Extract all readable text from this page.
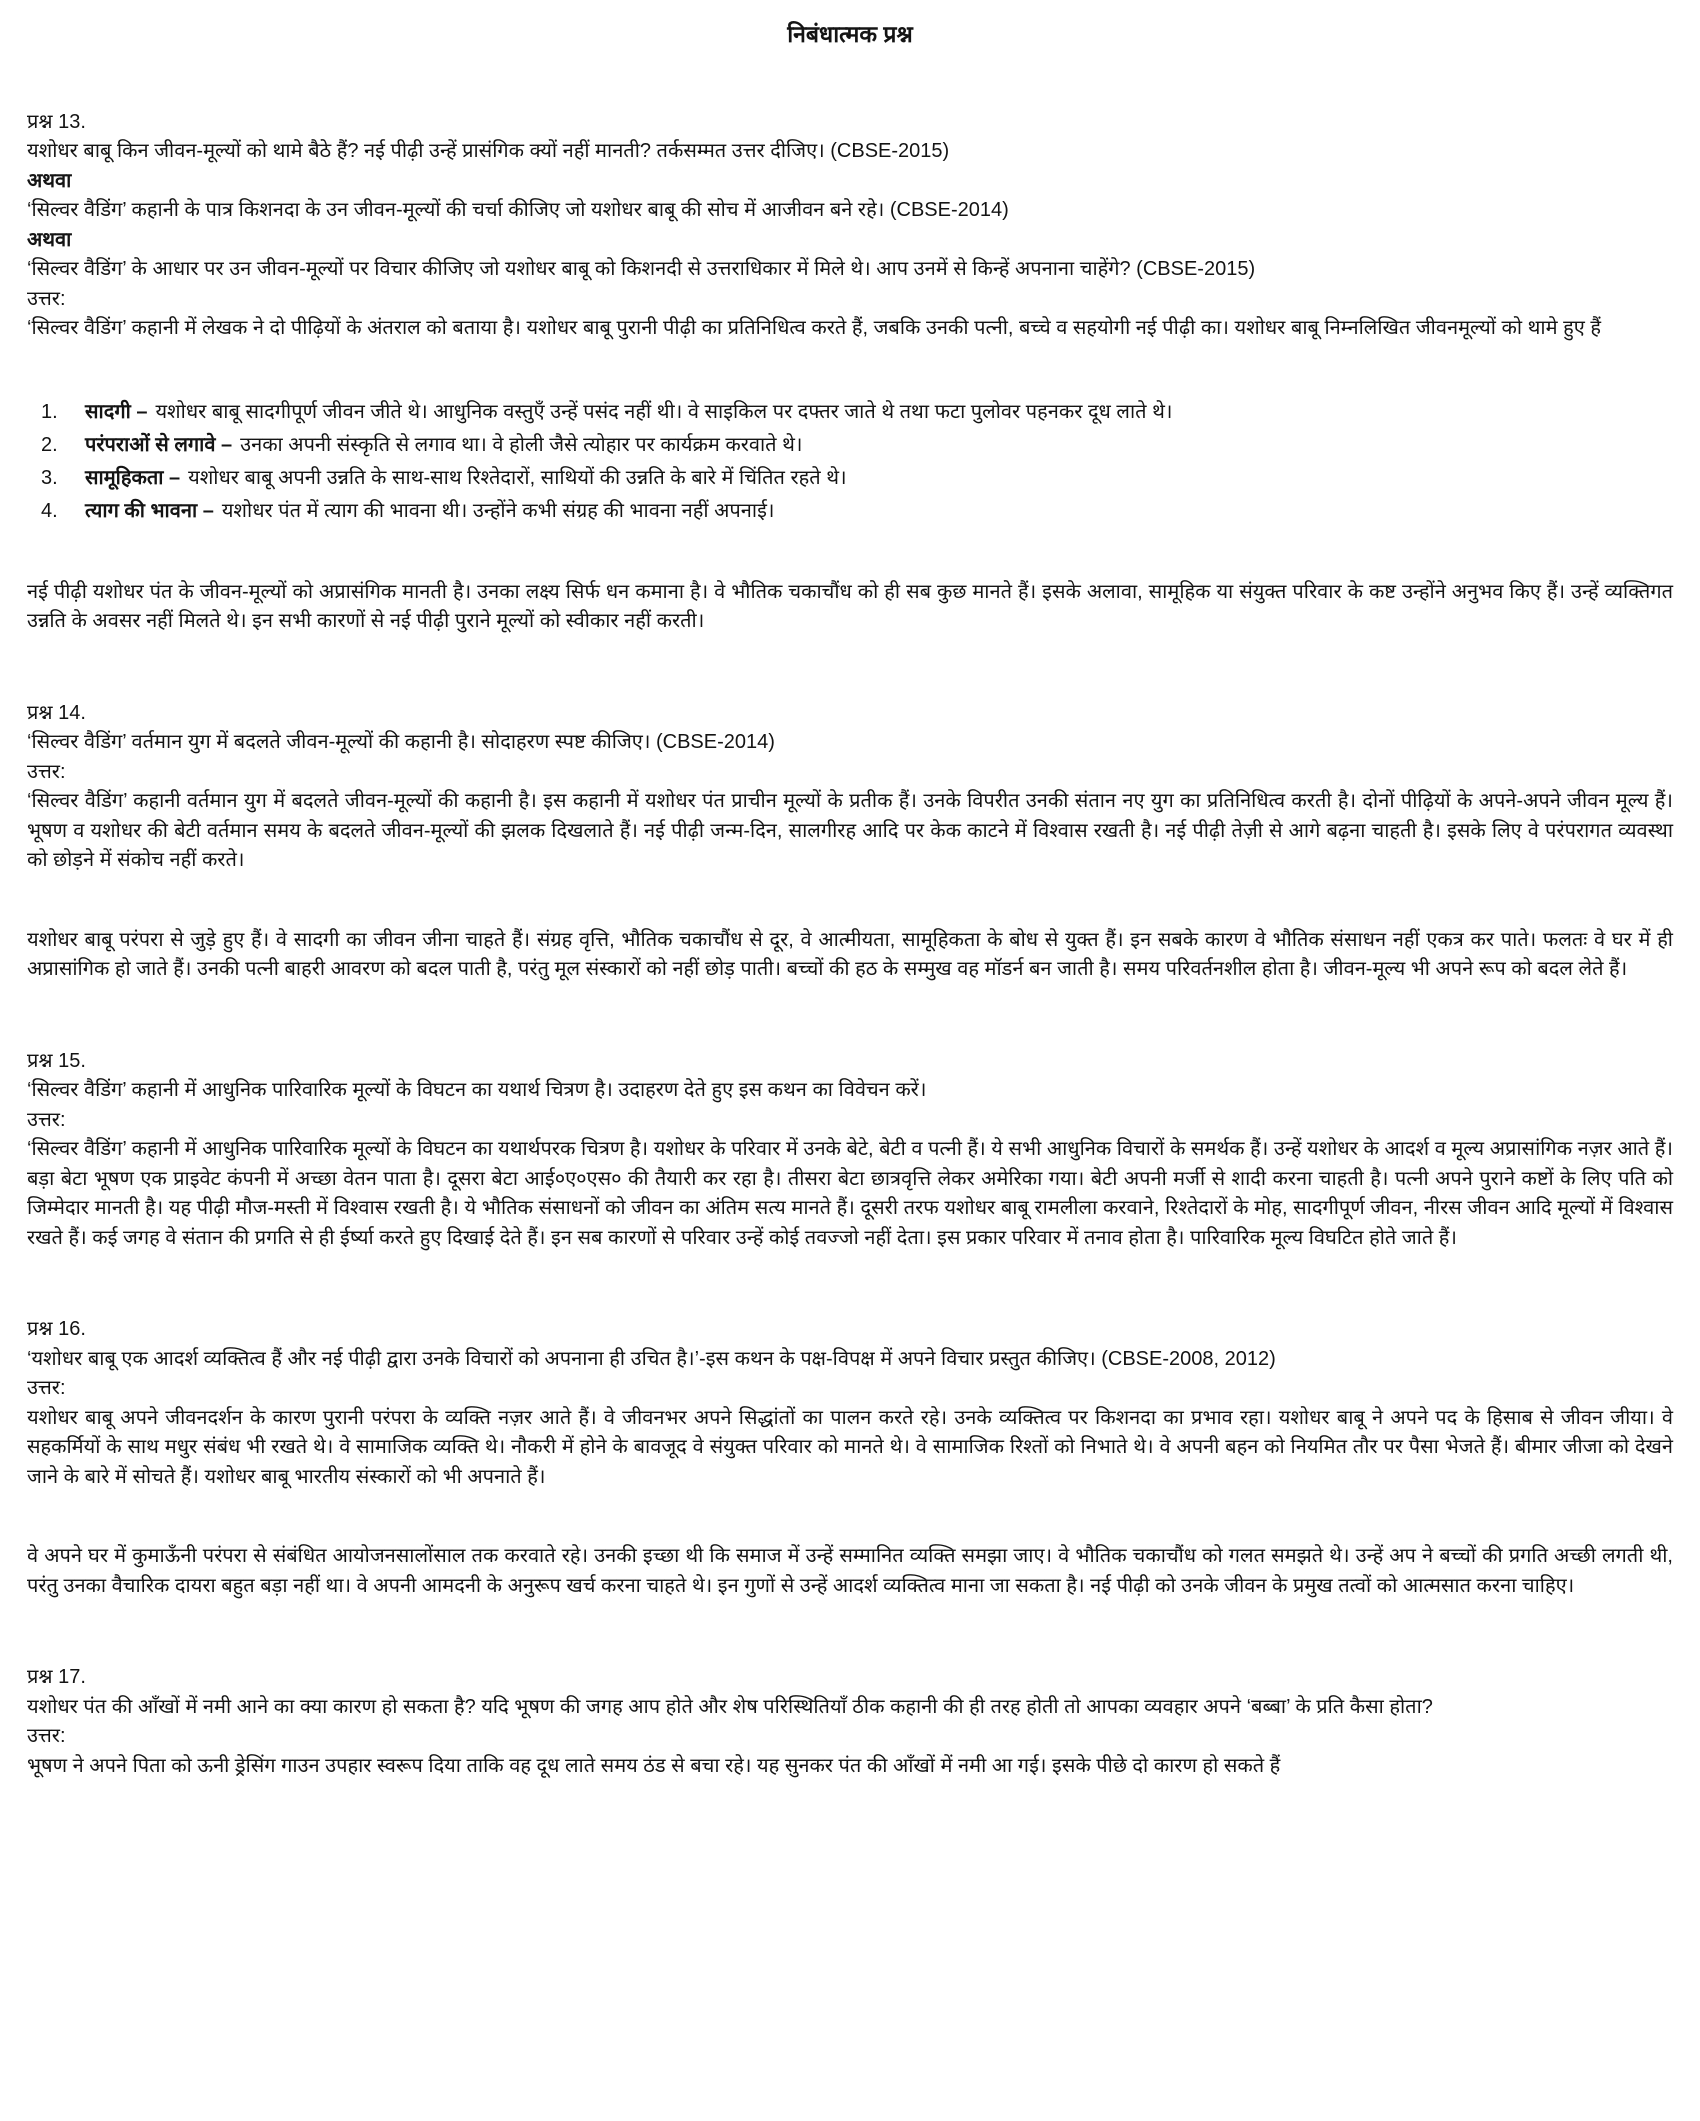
निबंधात्मक प्रश्न

प्रश्न 13.

यशोधर बाबू किन जीवन-मूल्यों को थामे बैठे हैं? नई पीढ़ी उन्हें प्रासंगिक क्यों नहीं मानती? तर्कसम्मत उत्तर दीजिए। (CBSE-2015)

अथवा

‘सिल्वर वैडिंग’ कहानी के पात्र किशनदा के उन जीवन-मूल्यों की चर्चा कीजिए जो यशोधर बाबू की सोच में आजीवन बने रहे। (CBSE-2014)

अथवा

‘सिल्वर वैडिंग’ के आधार पर उन जीवन-मूल्यों पर विचार कीजिए जो यशोधर बाबू को किशनदी से उत्तराधिकार में मिले थे। आप उनमें से किन्हें अपनाना चाहेंगे? (CBSE-2015)

उत्तर:

‘सिल्वर वैडिंग’ कहानी में लेखक ने दो पीढ़ियों के अंतराल को बताया है। यशोधर बाबू पुरानी पीढ़ी का प्रतिनिधित्व करते हैं, जबकि उनकी पत्नी, बच्चे व सहयोगी नई पीढ़ी का। यशोधर बाबू निम्नलिखित जीवनमूल्यों को थामे हुए हैं

1.	सादगी – यशोधर बाबू सादगीपूर्ण जीवन जीते थे। आधुनिक वस्तुएँ उन्हें पसंद नहीं थी। वे साइकिल पर दफ्तर जाते थे तथा फटा पुलोवर पहनकर दूध लाते थे।
2.	परंपराओं से लगावे – उनका अपनी संस्कृति से लगाव था। वे होली जैसे त्योहार पर कार्यक्रम करवाते थे।
3.	सामूहिकता – यशोधर बाबू अपनी उन्नति के साथ-साथ रिश्तेदारों, साथियों की उन्नति के बारे में चिंतित रहते थे।
4.	त्याग की भावना – यशोधर पंत में त्याग की भावना थी। उन्होंने कभी संग्रह की भावना नहीं अपनाई।

नई पीढ़ी यशोधर पंत के जीवन-मूल्यों को अप्रासंगिक मानती है। उनका लक्ष्य सिर्फ धन कमाना है। वे भौतिक चकाचौंध को ही सब कुछ मानते हैं। इसके अलावा, सामूहिक या संयुक्त परिवार के कष्ट उन्होंने अनुभव किए हैं। उन्हें व्यक्तिगत उन्नति के अवसर नहीं मिलते थे। इन सभी कारणों से नई पीढ़ी पुराने मूल्यों को स्वीकार नहीं करती।

प्रश्न 14.

‘सिल्वर वैडिंग’ वर्तमान युग में बदलते जीवन-मूल्यों की कहानी है। सोदाहरण स्पष्ट कीजिए। (CBSE-2014)

उत्तर:

‘सिल्वर वैडिंग’ कहानी वर्तमान युग में बदलते जीवन-मूल्यों की कहानी है। इस कहानी में यशोधर पंत प्राचीन मूल्यों के प्रतीक हैं। उनके विपरीत उनकी संतान नए युग का प्रतिनिधित्व करती है। दोनों पीढ़ियों के अपने-अपने जीवन मूल्य हैं। भूषण व यशोधर की बेटी वर्तमान समय के बदलते जीवन-मूल्यों की झलक दिखलाते हैं। नई पीढ़ी जन्म-दिन, सालगीरह आदि पर केक काटने में विश्वास रखती है। नई पीढ़ी तेज़ी से आगे बढ़ना चाहती है। इसके लिए वे परंपरागत व्यवस्था को छोड़ने में संकोच नहीं करते।

यशोधर बाबू परंपरा से जुड़े हुए हैं। वे सादगी का जीवन जीना चाहते हैं। संग्रह वृत्ति, भौतिक चकाचौंध से दूर, वे आत्मीयता, सामूहिकता के बोध से युक्त हैं। इन सबके कारण वे भौतिक संसाधन नहीं एकत्र कर पाते। फलतः वे घर में ही अप्रासांगिक हो जाते हैं। उनकी पत्नी बाहरी आवरण को बदल पाती है, परंतु मूल संस्कारों को नहीं छोड़ पाती। बच्चों की हठ के सम्मुख वह मॉडर्न बन जाती है। समय परिवर्तनशील होता है। जीवन-मूल्य भी अपने रूप को बदल लेते हैं।

प्रश्न 15.

‘सिल्वर वैडिंग’ कहानी में आधुनिक पारिवारिक मूल्यों के विघटन का यथार्थ चित्रण है। उदाहरण देते हुए इस कथन का विवेचन करें।

उत्तर:

‘सिल्वर वैडिंग’ कहानी में आधुनिक पारिवारिक मूल्यों के विघटन का यथार्थपरक चित्रण है। यशोधर के परिवार में उनके बेटे, बेटी व पत्नी हैं। ये सभी आधुनिक विचारों के समर्थक हैं। उन्हें यशोधर के आदर्श व मूल्य अप्रासांगिक नज़र आते हैं। बड़ा बेटा भूषण एक प्राइवेट कंपनी में अच्छा वेतन पाता है। दूसरा बेटा आई०ए०एस० की तैयारी कर रहा है। तीसरा बेटा छात्रवृत्ति लेकर अमेरिका गया। बेटी अपनी मर्जी से शादी करना चाहती है। पत्नी अपने पुराने कष्टों के लिए पति को जिम्मेदार मानती है। यह पीढ़ी मौज-मस्ती में विश्वास रखती है। ये भौतिक संसाधनों को जीवन का अंतिम सत्य मानते हैं। दूसरी तरफ यशोधर बाबू रामलीला करवाने, रिश्तेदारों के मोह, सादगीपूर्ण जीवन, नीरस जीवन आदि मूल्यों में विश्वास रखते हैं। कई जगह वे संतान की प्रगति से ही ईर्ष्या करते हुए दिखाई देते हैं। इन सब कारणों से परिवार उन्हें कोई तवज्जो नहीं देता। इस प्रकार परिवार में तनाव होता है। पारिवारिक मूल्य विघटित होते जाते हैं।

प्रश्न 16.

‘यशोधर बाबू एक आदर्श व्यक्तित्व हैं और नई पीढ़ी द्वारा उनके विचारों को अपनाना ही उचित है।’-इस कथन के पक्ष-विपक्ष में अपने विचार प्रस्तुत कीजिए। (CBSE-2008, 2012)

उत्तर:

यशोधर बाबू अपने जीवनदर्शन के कारण पुरानी परंपरा के व्यक्ति नज़र आते हैं। वे जीवनभर अपने सिद्धांतों का पालन करते रहे। उनके व्यक्तित्व पर किशनदा का प्रभाव रहा। यशोधर बाबू ने अपने पद के हिसाब से जीवन जीया। वे सहकर्मियों के साथ मधुर संबंध भी रखते थे। वे सामाजिक व्यक्ति थे। नौकरी में होने के बावजूद वे संयुक्त परिवार को मानते थे। वे सामाजिक रिश्तों को निभाते थे। वे अपनी बहन को नियमित तौर पर पैसा भेजते हैं। बीमार जीजा को देखने जाने के बारे में सोचते हैं। यशोधर बाबू भारतीय संस्कारों को भी अपनाते हैं।

वे अपने घर में कुमाऊँनी परंपरा से संबंधित आयोजनसालोंसाल तक करवाते रहे। उनकी इच्छा थी कि समाज में उन्हें सम्मानित व्यक्ति समझा जाए। वे भौतिक चकाचौंध को गलत समझते थे। उन्हें अप ने बच्चों की प्रगति अच्छी लगती थी, परंतु उनका वैचारिक दायरा बहुत बड़ा नहीं था। वे अपनी आमदनी के अनुरूप खर्च करना चाहते थे। इन गुणों से उन्हें आदर्श व्यक्तित्व माना जा सकता है। नई पीढ़ी को उनके जीवन के प्रमुख तत्वों को आत्मसात करना चाहिए।

प्रश्न 17.

यशोधर पंत की आँखों में नमी आने का क्या कारण हो सकता है? यदि भूषण की जगह आप होते और शेष परिस्थितियाँ ठीक कहानी की ही तरह होती तो आपका व्यवहार अपने ‘बब्बा’ के प्रति कैसा होता?

उत्तर:

भूषण ने अपने पिता को ऊनी ड्रेसिंग गाउन उपहार स्वरूप दिया ताकि वह दूध लाते समय ठंड से बचा रहे। यह सुनकर पंत की आँखों में नमी आ गई। इसके पीछे दो कारण हो सकते हैं
